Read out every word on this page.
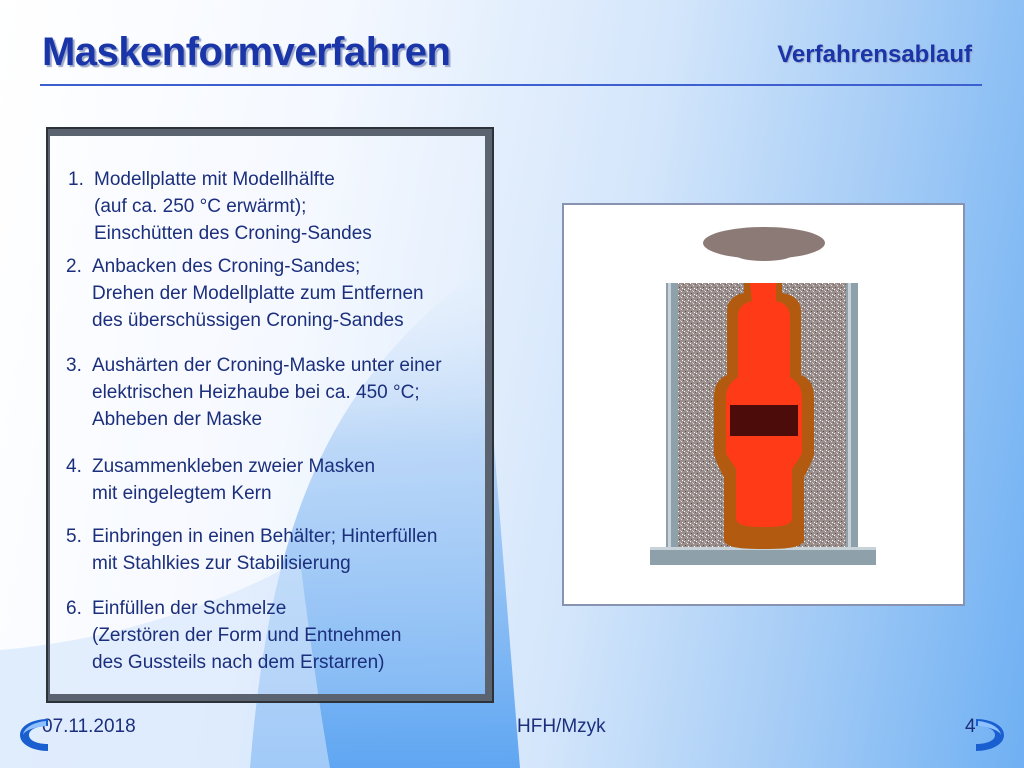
Maskenformverfahren	Verfahrensablauf
1. Modellplatte mit Modellhälfte
(auf ca. 250 °C erwärmt);
Einschütten des Croning-Sandes
2. Anbacken des Croning-Sandes;
Drehen der Modellplatte zum Entfernen
des überschüssigen Croning-Sandes
3. Aushärten der Croning-Maske unter einer
elektrischen Heizhaube bei ca. 450 °C;
Abheben der Maske
4. Zusammenkleben zweier Masken
mit eingelegtem Kern
5. Einbringen in einen Behälter; Hinterfüllen
mit Stahlkies zur Stabilisierung
6. Einfüllen der Schmelze
(Zerstören der Form und Entnehmen
des Gussteils nach dem Erstarren)
07.11.2018	HFH/Mzyk	4
